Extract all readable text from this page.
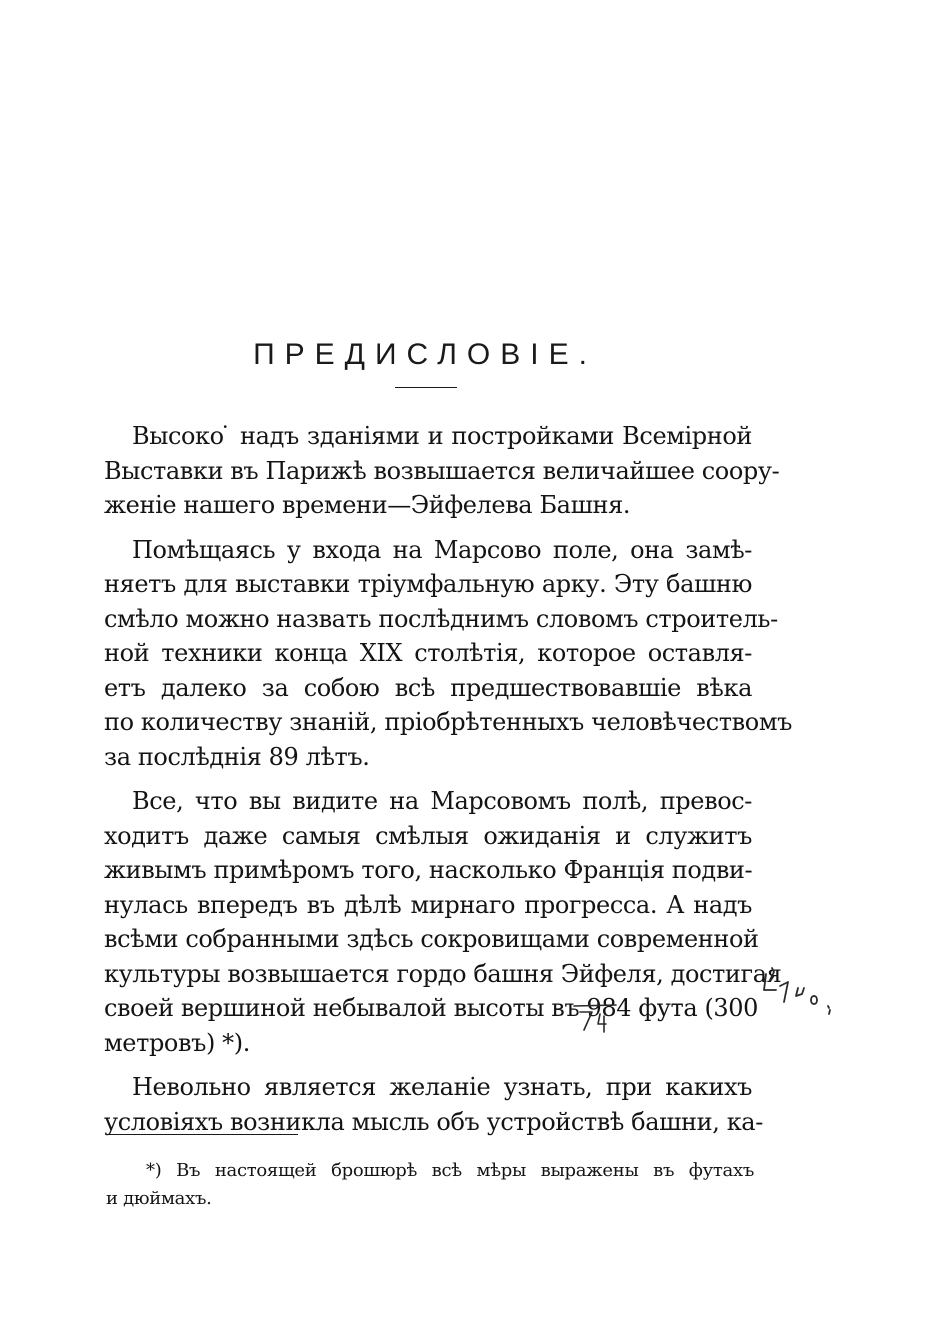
ПРЕДИСЛОВІЕ.
Высоко ̇ надъ зданіями и постройками Всемірной
Выставки въ Парижѣ возвышается величайшее соору-
женіе нашего времени—Эйфелева Башня.
Помѣщаясь у входа на Марсово поле, она замѣ-
няетъ для выставки тріумфальную арку. Эту башню
смѣло можно назвать послѣднимъ словомъ строитель-
ной техники конца XIX столѣтія, которое оставля-
етъ далеко за собою всѣ предшествовавшіе вѣка
по количеству знаній, пріобрѣтенныхъ человѣчествомъ
за послѣднія 89 лѣтъ.
Все, что вы видите на Марсовомъ полѣ, превос-
ходитъ даже самыя смѣлыя ожиданія и служитъ
живымъ примѣромъ того, насколько Франція подви-
нулась впередъ въ дѣлѣ мирнаго прогресса. А надъ
всѣми собранными здѣсь сокровищами современной
культуры возвышается гордо башня Эйфеля, достигая
своей вершиной небывалой высоты въ 984 фута (300
метровъ) *).
Невольно является желаніе узнать, при какихъ
условіяхъ возникла мысль объ устройствѣ башни, ка-
*) Въ настоящей брошюрѣ всѣ мѣры выражены въ футахъ
и дюймахъ.
